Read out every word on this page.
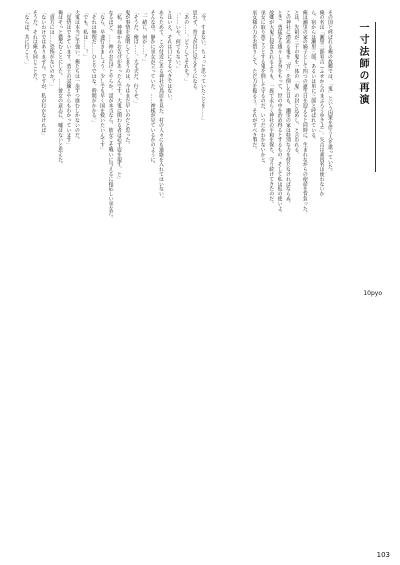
一寸法師の再演
10pyo

その国と呼ばれる俺の故郷では、「鬼」という因果を伴う人を遣っていた。

俺の名は「瀬里三郎宥吉（ふせからのまぶろうゆきよ）」。矢吉は素四名は使わないか

ら、宿からは瀬里三郎、あるいは単に三郎と呼ばれている。

俺は瀬里の家の嫡子として四つの誕生日を迎えると同時に、生まれながらの使命を背負った。

とは、先祖が三千の鬼を一体の「鬼」の封じ込めし、と言われる。

この神社に潜める鬼を「宮」を倒した目も、瀬里の家は特別な力を持たなければならぬ。

とき、勇猛なる雄々しき身をもって、世の中を治め得るとするもの。そして私は仮の使いよ。

故郷が大鬼に侵食されるよりも、一族で永らく神社の平和を保ち、守り続けてきたのだ。

巫女に取り憑こうとする鬼を倒して守るのだ、いつだかわかないかと、

巫女様の力をお借りして、ただ力を振るう。それがすべき事だ。

「今、すまない、ちょっと思っていたことを……」

思わず、背丈が目に見えそうになる。

「あの……、どうしてそれを？」

「……いや、何でもない。」

とはいえ、それは口にするべきではない。

あらためて、この付近にある神社の鳥居を見た。村の人々にも連絡を入れてはいない。

そんな中、静かに巫女が立っていた。……神様が見ているかのように。

「一緒に、何か……？」

「そうだ、俺は……。大丈夫だ、行くぞ。」

鬼が事情を説明してしまうのは、今はまだ早いのだと思った。

「私、神様からお告げがあったんです。大鬼に関わる者は必ず姿を現す、と」

なるほど。……神のお告げとやらか。話が本当なら、彼女こそ戦いに与えるに相応しい巫女だ。

「なら、早速行きましょう。少しでも早く国を救いたいんです」

「それは無理だ……ひとりではな。時間がかかる。」

「でも、私は……！」

大鬼は本当に手強い。俺たちは一歩ずつ進むしかないのだ。

「覚悟はできています。勇士の試練とやらもわかっています」

俺はそっと微笑むことにした。……彼女の意志に、嘘はないと思えた。

「貴方には……恐怖がないのか？」

「ないわけではありません。ですが、私が行かなければ」

そうだ、それは俺も同じことだ。

「ならば、共に行こう。」

103
